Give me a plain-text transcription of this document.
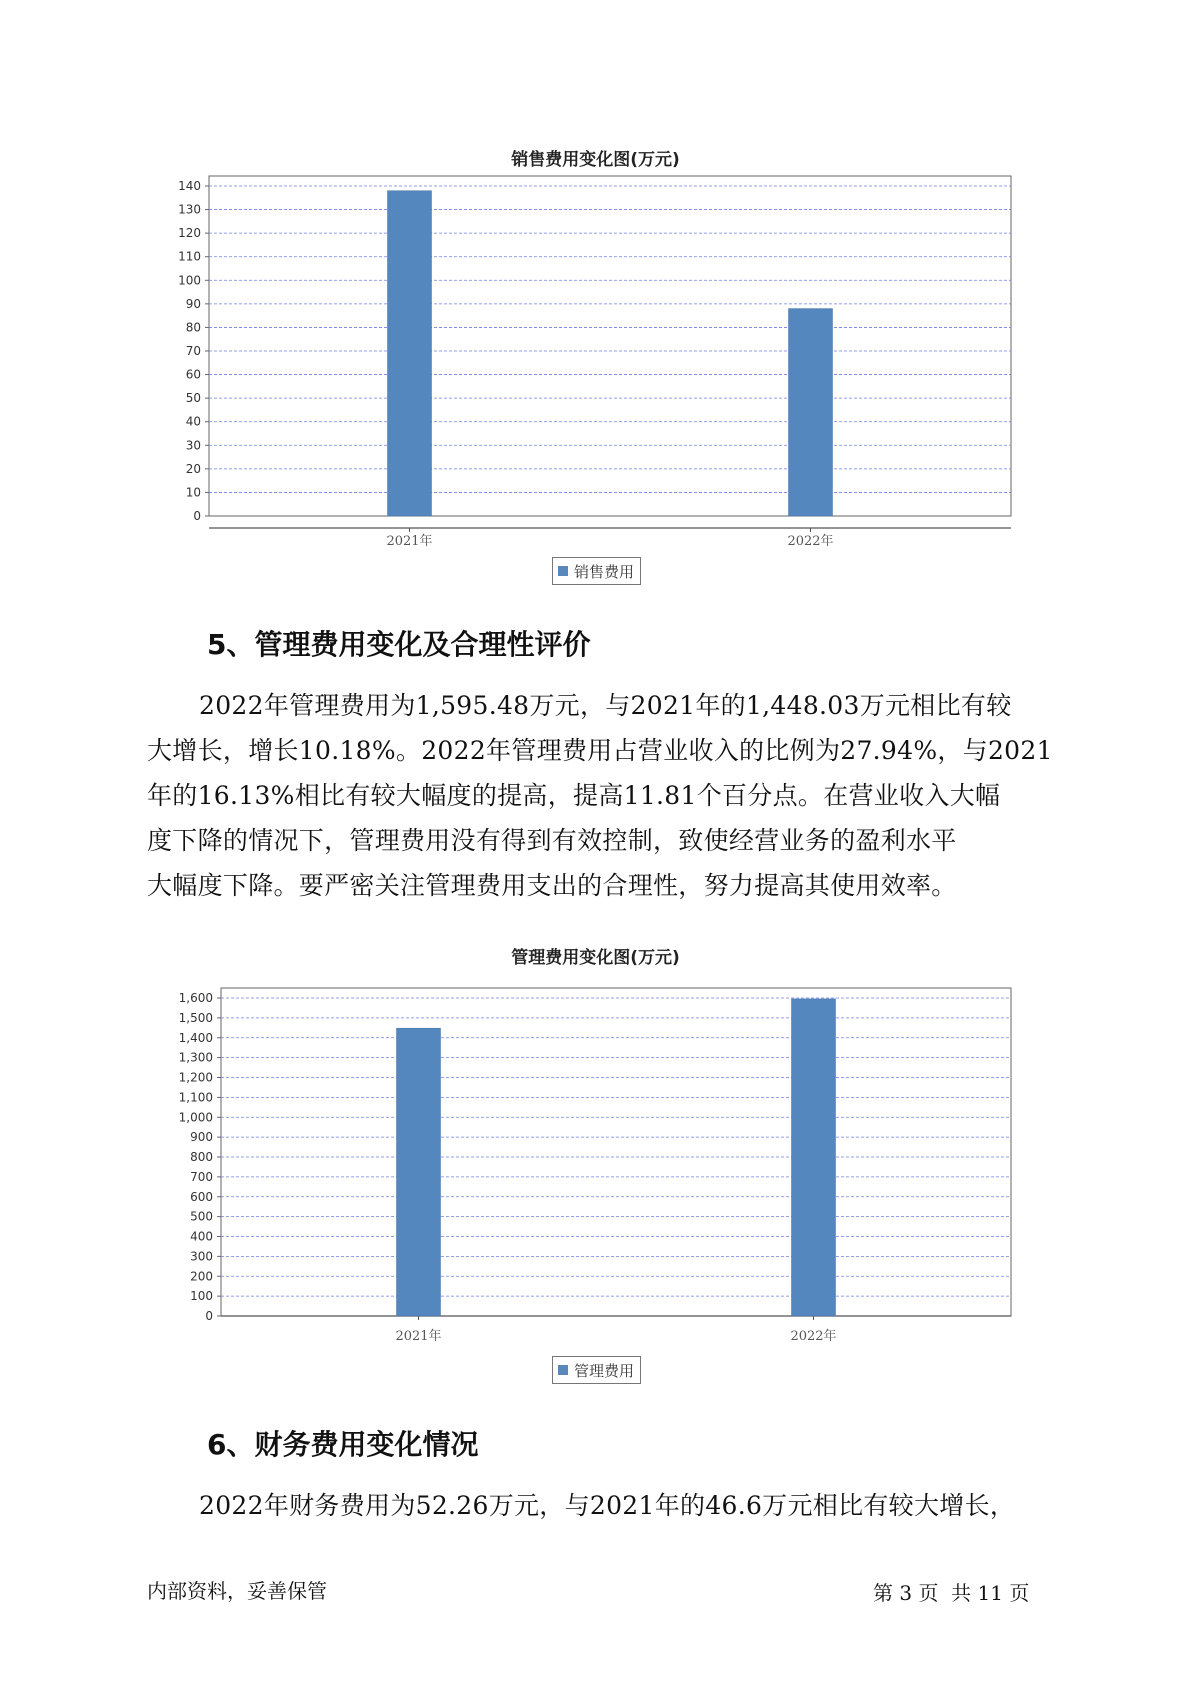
销售费用变化图(万元)
0
10
20
30
40
50
60
70
80
90
100
110
120
130
140
2021年	2022年
销售费用
5、管理费用变化及合理性评价
2022年管理费用为1,595.48万元，与2021年的1,448.03万元相比有较
大增长，增长10.18%。2022年管理费用占营业收入的比例为27.94%，与2021
年的16.13%相比有较大幅度的提高，提高11.81个百分点。在营业收入大幅
度下降的情况下，管理费用没有得到有效控制，致使经营业务的盈利水平
大幅度下降。要严密关注管理费用支出的合理性，努力提高其使用效率。
管理费用变化图(万元)
0
100
200
300
400
500
600
700
800
900
1,000
1,100
1,200
1,300
1,400
1,500
1,600
2021年	2022年
管理费用
6、财务费用变化情况
2022年财务费用为52.26万元，与2021年的46.6万元相比有较大增长，
内部资料，妥善保管	第 3 页  共 11 页
